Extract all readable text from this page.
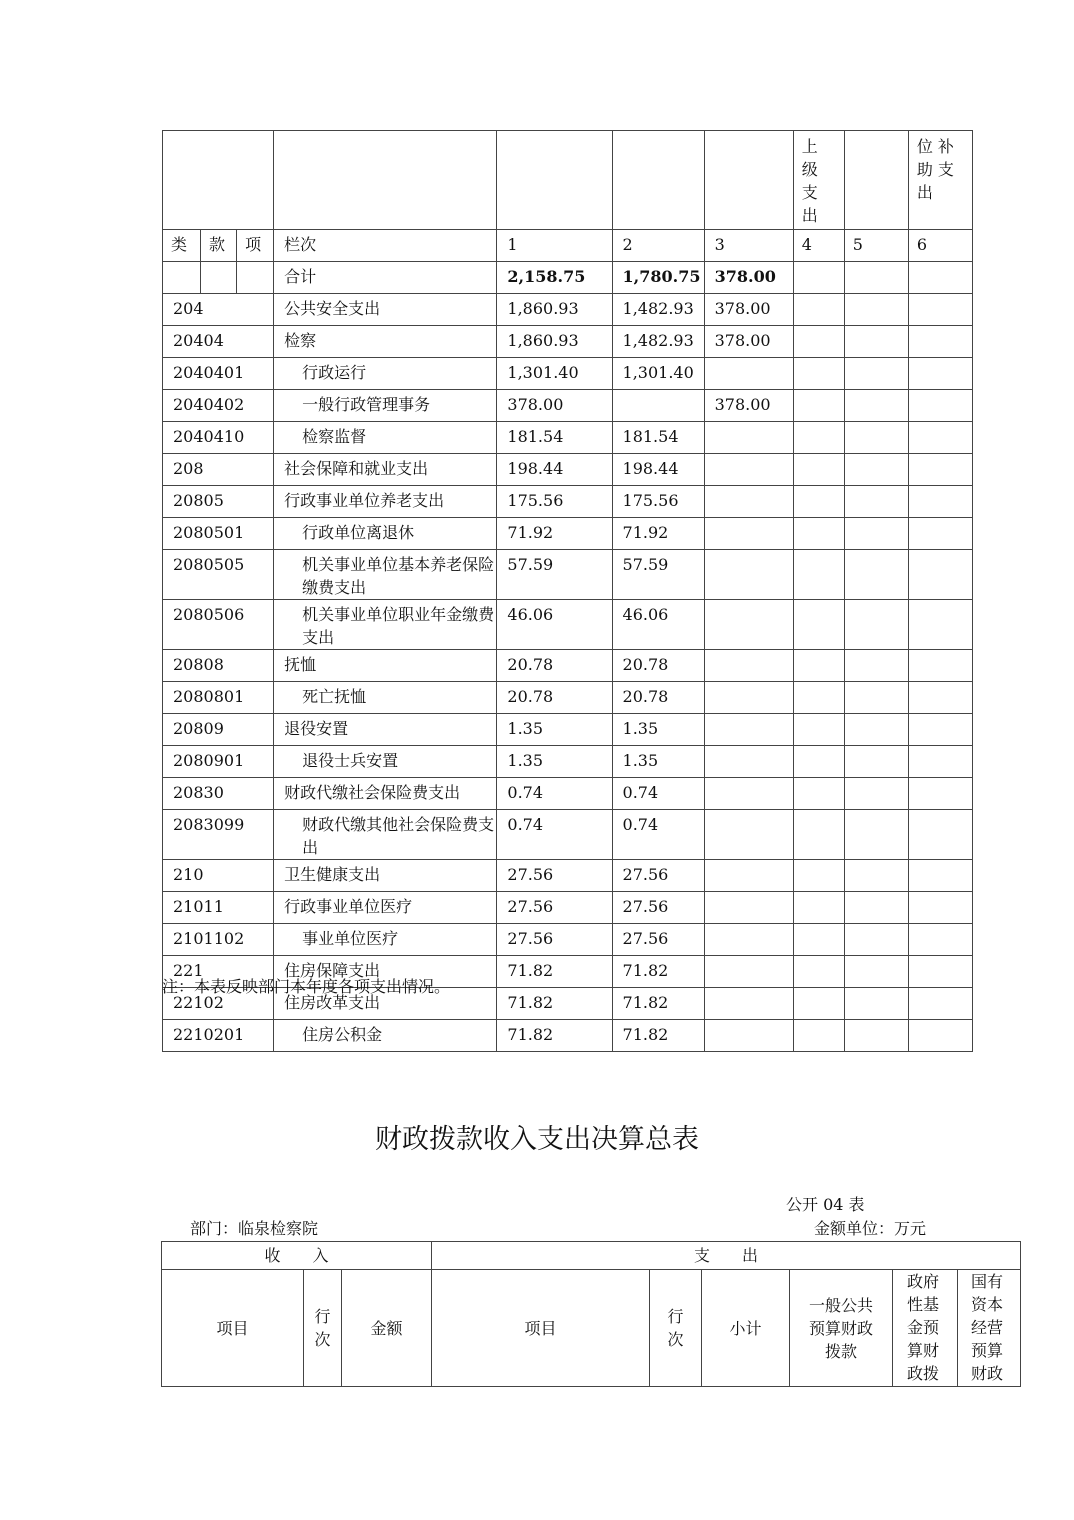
							上级支出		位 补 助 支 出
类	款	项	栏次	1	2	3	4	5	6
			合计	2,158.75	1,780.75	378.00			
204			公共安全支出	1,860.93	1,482.93	378.00			
20404			检察	1,860.93	1,482.93	378.00			
2040401			行政运行	1,301.40	1,301.40				
2040402			一般行政管理事务	378.00		378.00			
2040410			检察监督	181.54	181.54				
208			社会保障和就业支出	198.44	198.44				
20805			行政事业单位养老支出	175.56	175.56				
2080501			行政单位离退休	71.92	71.92				
2080505			机关事业单位基本养老保险缴费支出	57.59	57.59				
2080506			机关事业单位职业年金缴费支出	46.06	46.06				
20808			抚恤	20.78	20.78				
2080801			死亡抚恤	20.78	20.78				
20809			退役安置	1.35	1.35				
2080901			退役士兵安置	1.35	1.35				
20830			财政代缴社会保险费支出	0.74	0.74				
2083099			财政代缴其他社会保险费支出	0.74	0.74				
210			卫生健康支出	27.56	27.56				
21011			行政事业单位医疗	27.56	27.56				
2101102			事业单位医疗	27.56	27.56				
221			住房保障支出	71.82	71.82				
22102			住房改革支出	71.82	71.82				
2210201			住房公积金	71.82	71.82				
注：本表反映部门本年度各项支出情况。
财政拨款收入支出决算总表
公开 04 表
部门：临泉检察院	金额单位：万元
收　　入			支　　出					
项目	行次	金额	项目	行次	小计	一般公共预算财政拨款	政府性基金预算财政拨	国有资本经营预算财政
